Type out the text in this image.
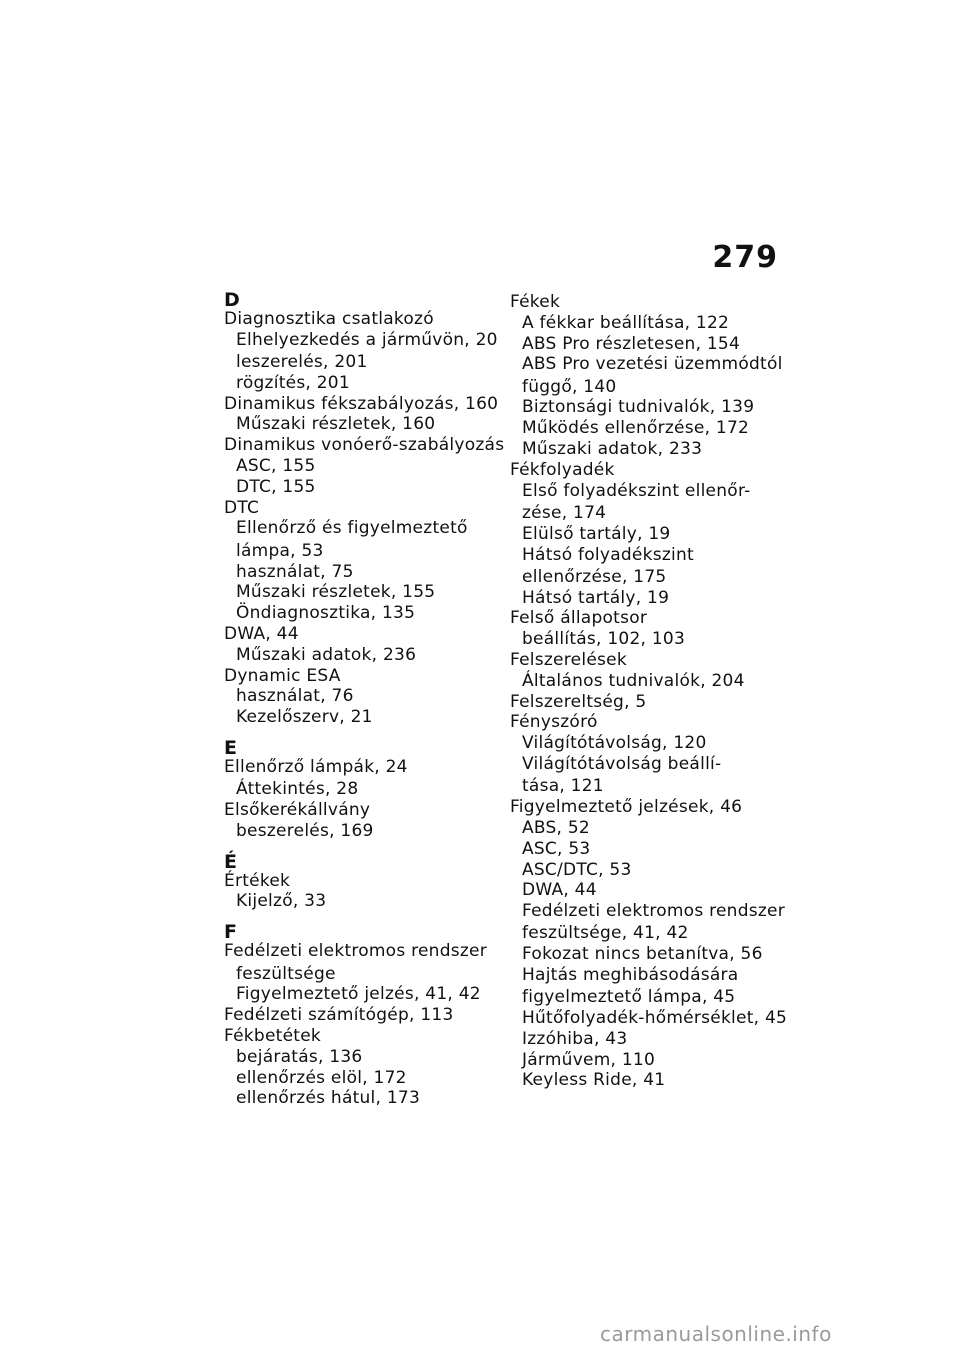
279
D
Diagnosztika csatlakozó
Elhelyezkedés a járművön, 20
leszerelés, 201
rögzítés, 201
Dinamikus fékszabályozás, 160
Műszaki részletek, 160
Dinamikus vonóerő-szabályozás
ASC, 155
DTC, 155
DTC
Ellenőrző és figyelmeztető
lámpa, 53
használat, 75
Műszaki részletek, 155
Öndiagnosztika, 135
DWA, 44
Műszaki adatok, 236
Dynamic ESA
használat, 76
Kezelőszerv, 21
E
Ellenőrző lámpák, 24
Áttekintés, 28
Elsőkerékállvány
beszerelés, 169
É
Értékek
Kijelző, 33
F
Fedélzeti elektromos rendszer
feszültsége
Figyelmeztető jelzés, 41, 42
Fedélzeti számítógép, 113
Fékbetétek
bejáratás, 136
ellenőrzés elöl, 172
ellenőrzés hátul, 173
Fékek
A fékkar beállítása, 122
ABS Pro részletesen, 154
ABS Pro vezetési üzemmódtól
függő, 140
Biztonsági tudnivalók, 139
Működés ellenőrzése, 172
Műszaki adatok, 233
Fékfolyadék
Első folyadékszint ellenőr-
zése, 174
Elülső tartály, 19
Hátsó folyadékszint
ellenőrzése, 175
Hátsó tartály, 19
Felső állapotsor
beállítás, 102, 103
Felszerelések
Általános tudnivalók, 204
Felszereltség, 5
Fényszóró
Világítótávolság, 120
Világítótávolság beállí-
tása, 121
Figyelmeztető jelzések, 46
ABS, 52
ASC, 53
ASC/DTC, 53
DWA, 44
Fedélzeti elektromos rendszer
feszültsége, 41, 42
Fokozat nincs betanítva, 56
Hajtás meghibásodására
figyelmeztető lámpa, 45
Hűtőfolyadék-hőmérséklet, 45
Izzóhiba, 43
Járművem, 110
Keyless Ride, 41
carmanualsonline.info
